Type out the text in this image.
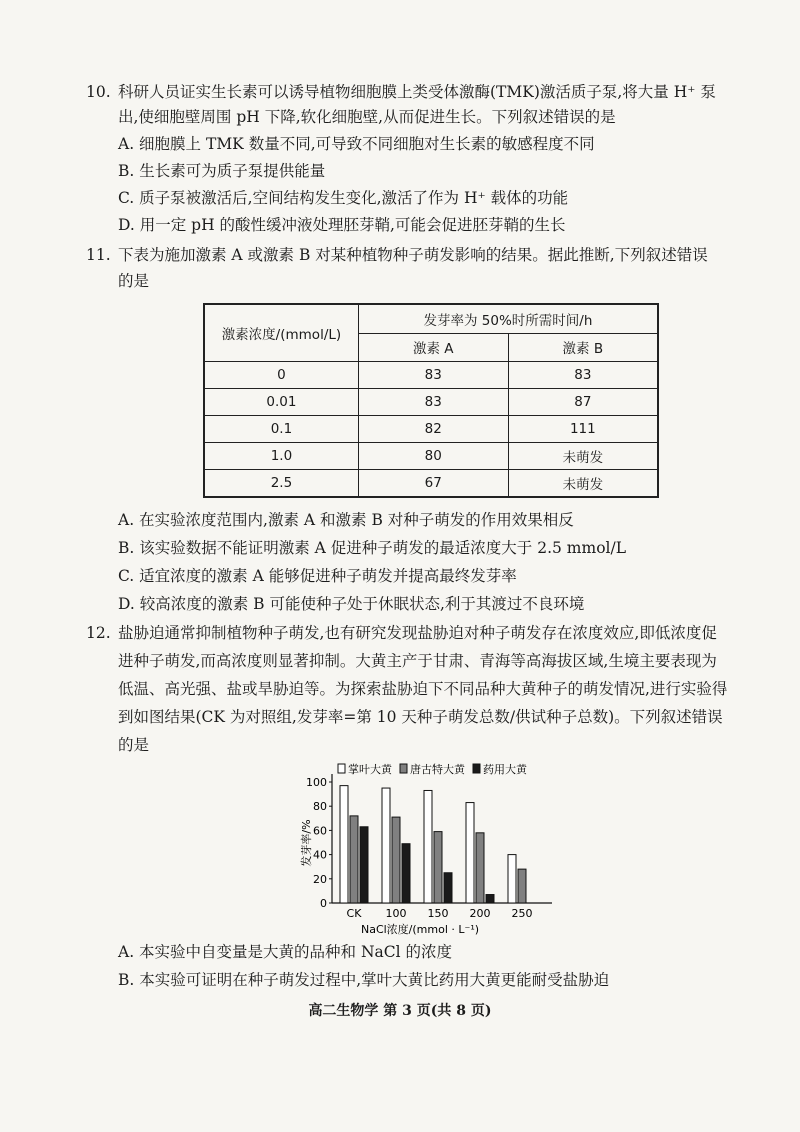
10. 科研人员证实生长素可以诱导植物细胞膜上类受体激酶(TMK)激活质子泵,将大量 H⁺ 泵
出,使细胞壁周围 pH 下降,软化细胞壁,从而促进生长。下列叙述错误的是
A. 细胞膜上 TMK 数量不同,可导致不同细胞对生长素的敏感程度不同
B. 生长素可为质子泵提供能量
C. 质子泵被激活后,空间结构发生变化,激活了作为 H⁺ 载体的功能
D. 用一定 pH 的酸性缓冲液处理胚芽鞘,可能会促进胚芽鞘的生长
11. 下表为施加激素 A 或激素 B 对某种植物种子萌发影响的结果。据此推断,下列叙述错误
的是
激素浓度/(mmol/L)	发芽率为 50%时所需时间/h	
	激素 A	激素 B
0	83	83
0.01	83	87
0.1	82	111
1.0	80	未萌发
2.5	67	未萌发
A. 在实验浓度范围内,激素 A 和激素 B 对种子萌发的作用效果相反
B. 该实验数据不能证明激素 A 促进种子萌发的最适浓度大于 2.5 mmol/L
C. 适宜浓度的激素 A 能够促进种子萌发并提高最终发芽率
D. 较高浓度的激素 B 可能使种子处于休眠状态,利于其渡过不良环境
12. 盐胁迫通常抑制植物种子萌发,也有研究发现盐胁迫对种子萌发存在浓度效应,即低浓度促
进种子萌发,而高浓度则显著抑制。大黄主产于甘肃、青海等高海拔区域,生境主要表现为
低温、高光强、盐或旱胁迫等。为探索盐胁迫下不同品种大黄种子的萌发情况,进行实验得
到如图结果(CK 为对照组,发芽率=第 10 天种子萌发总数/供试种子总数)。下列叙述错误
的是
掌叶大黄 唐古特大黄 药用大黄
0
20
40
60
80
100
CK 100 150 200 250
发芽率/%
NaCl浓度/(mmol · L⁻¹)
A. 本实验中自变量是大黄的品种和 NaCl 的浓度
B. 本实验可证明在种子萌发过程中,掌叶大黄比药用大黄更能耐受盐胁迫
高二生物学 第 3 页(共 8 页)
